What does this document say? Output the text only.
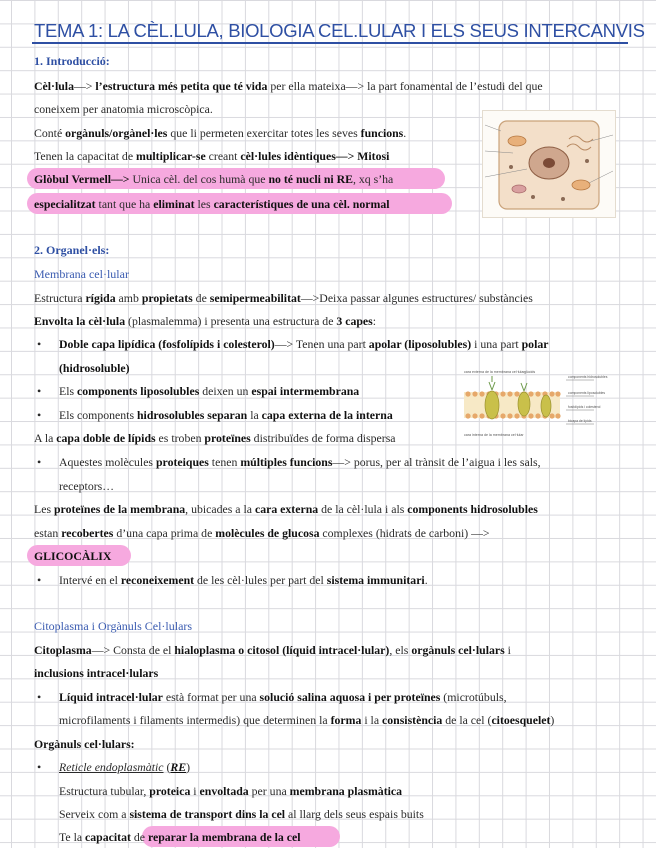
TEMA 1: LA CÈL.LULA, BIOLOGIA CEL.LULAR I ELS SEUS INTERCANVIS
1. Introducció:
Cèl·lula—> l’estructura més petita que té vida per ella mateixa—> la part fonamental de l’estudi del que
coneixem per anatomia microscòpica.
Conté orgànuls/orgànel·les que li permeten exercitar totes les seves funcions.
Tenen la capacitat de multiplicar-se creant cèl·lules idèntiques—> Mitosi
Glòbul Vermell—> Unica cèl. del cos humà que no té nucli ni RE, xq s’ha
especialitzat tant que ha eliminat les característiques de una cèl. normal
2. Organel·els:
Membrana cel·lular
Estructura rígida amb propietats de semipermeabilitat—>Deixa passar algunes estructures/ substàncies
Envolta la cèl·lula (plasmalemma) i presenta una estructura de 3 capes:
• Doble capa lipídica (fosfolípids i colesterol)—> Tenen una part apolar (liposolubles) i una part polar
(hidrosoluble)
• Els components liposolubles deixen un espai intermembrana
• Els components hidrosolubles separan la capa externa de la interna
A la capa doble de lípids es troben proteïnes distribuïdes de forma dispersa
cara externa de la membrana cel·lular glúcids
cara interna de la membrana cel·lular
components hidrosolubles
components liposolubles
fosfolípids i colesterol
bicapa de lípids
• Aquestes molècules proteiques tenen múltiples funcions—> porus, per al trànsit de l’aigua i les sals,
receptors…
Les proteïnes de la membrana, ubicades a la cara externa de la cèl·lula i als components hidrosolubles
estan recobertes d’una capa prima de molècules de glucosa complexes (hidrats de carboni) —>
GLICOCÀLIX
• Intervé en el reconeixement de les cèl·lules per part del sistema immunitari.
Citoplasma i Orgànuls Cel·lulars
Citoplasma—> Consta de el hialoplasma o citosol (líquid intracel·lular), els orgànuls cel·lulars i
inclusions intracel·lulars
• Líquid intracel·lular està format per una solució salina aquosa i per proteïnes (microtúbuls,
microfilaments i filaments intermedis) que determinen la forma i la consistència de la cel (citoesquelet)
Orgànuls cel·lulars:
• Reticle endoplasmàtic (RE)
Estructura tubular, proteica i envoltada per una membrana plasmàtica
Serveix com a sistema de transport dins la cel al llarg dels seus espais buits
Te la capacitat de reparar la membrana de la cel
